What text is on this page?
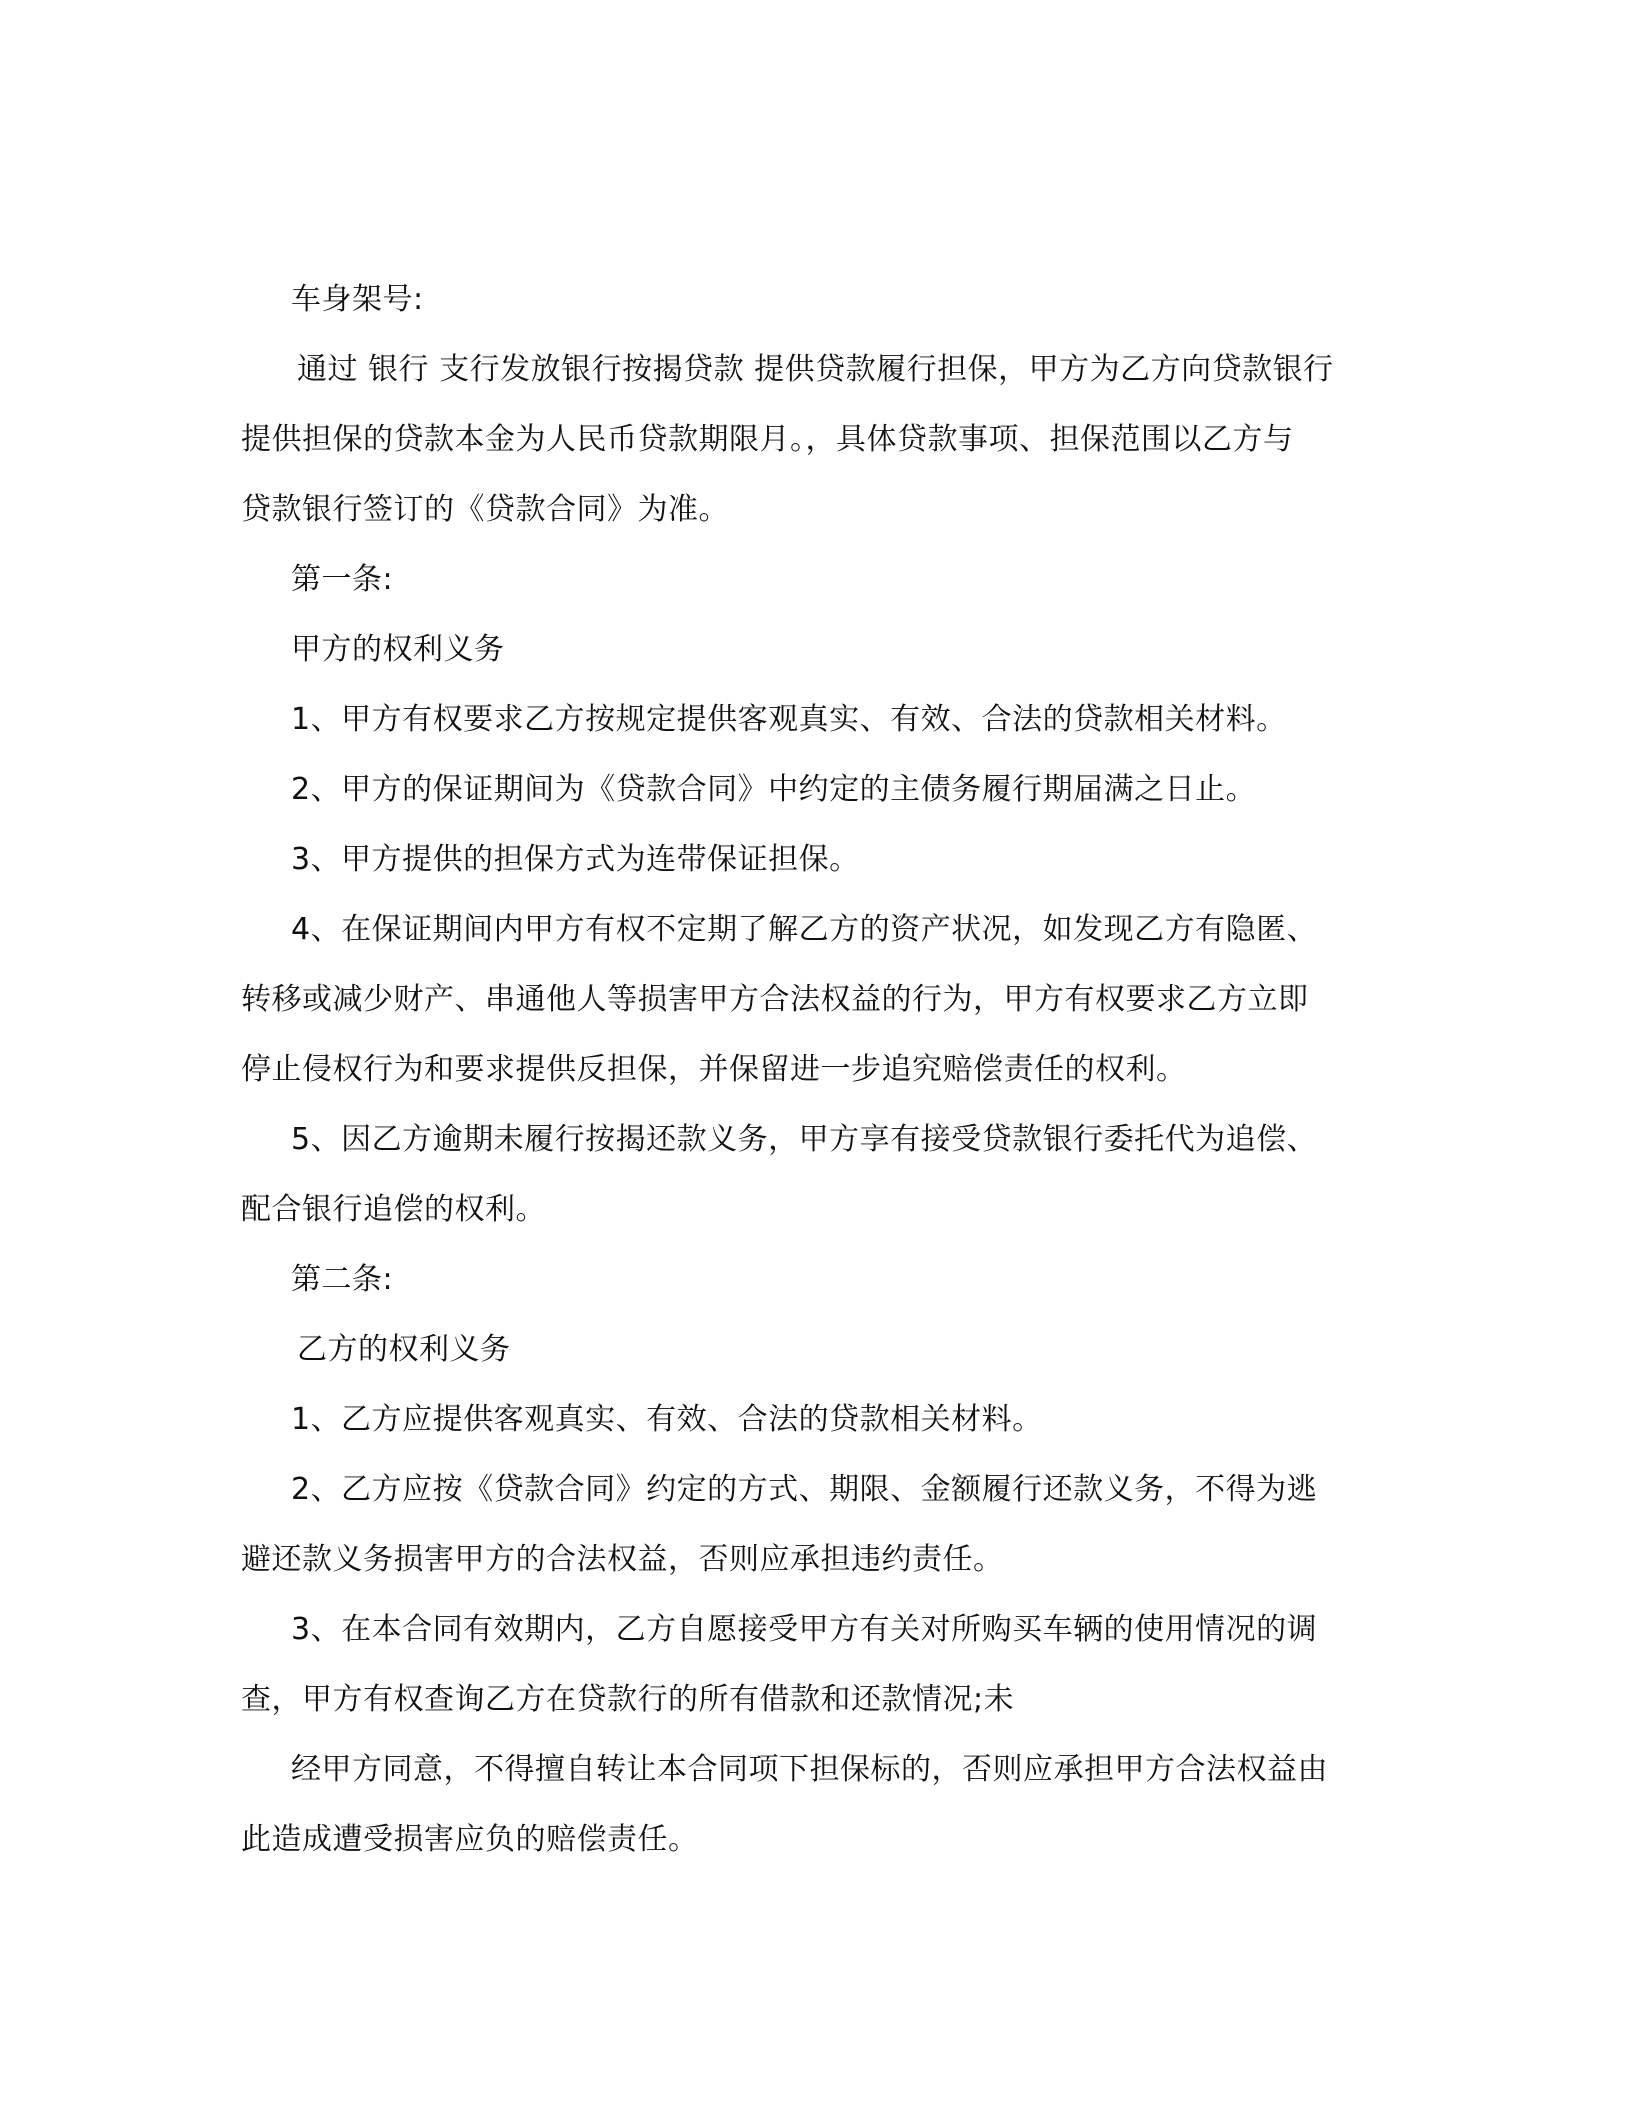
车身架号:

通过 银行 支行发放银行按揭贷款 提供贷款履行担保，甲方为乙方向贷款银行

提供担保的贷款本金为人民币贷款期限月。，具体贷款事项、担保范围以乙方与

贷款银行签订的《贷款合同》为准。

第一条:

甲方的权利义务

1、甲方有权要求乙方按规定提供客观真实、有效、合法的贷款相关材料。

2、甲方的保证期间为《贷款合同》中约定的主债务履行期届满之日止。

3、甲方提供的担保方式为连带保证担保。

4、在保证期间内甲方有权不定期了解乙方的资产状况，如发现乙方有隐匿、

转移或减少财产、串通他人等损害甲方合法权益的行为，甲方有权要求乙方立即

停止侵权行为和要求提供反担保，并保留进一步追究赔偿责任的权利。

5、因乙方逾期未履行按揭还款义务，甲方享有接受贷款银行委托代为追偿、

配合银行追偿的权利。

第二条:

乙方的权利义务

1、乙方应提供客观真实、有效、合法的贷款相关材料。

2、乙方应按《贷款合同》约定的方式、期限、金额履行还款义务，不得为逃

避还款义务损害甲方的合法权益，否则应承担违约责任。

3、在本合同有效期内，乙方自愿接受甲方有关对所购买车辆的使用情况的调

查，甲方有权查询乙方在贷款行的所有借款和还款情况;未

经甲方同意，不得擅自转让本合同项下担保标的，否则应承担甲方合法权益由

此造成遭受损害应负的赔偿责任。
